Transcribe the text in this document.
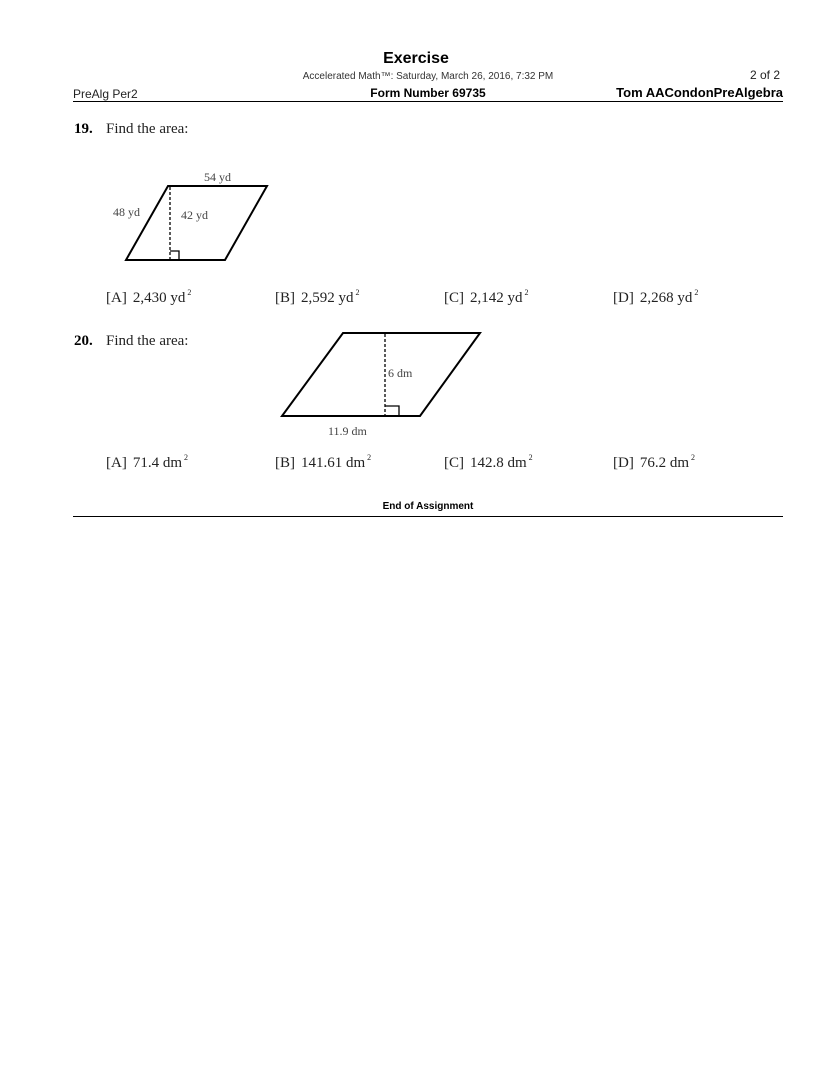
Exercise
Accelerated Math™: Saturday, March 26, 2016, 7:32 PM	2 of 2
PreAlg Per2	Form Number 69735	Tom AACondonPreAlgebra
19. Find the area:
54 yd
48 yd	42 yd
[A] 2,430 yd $^2$	[B] 2,592 yd $^2$	[C] 2,142 yd $^2$	[D] 2,268 yd $^2$
20. Find the area:
6 dm
11.9 dm
[A] 71.4 dm $^2$	[B] 141.61 dm $^2$	[C] 142.8 dm $^2$	[D] 76.2 dm $^2$
End of Assignment
